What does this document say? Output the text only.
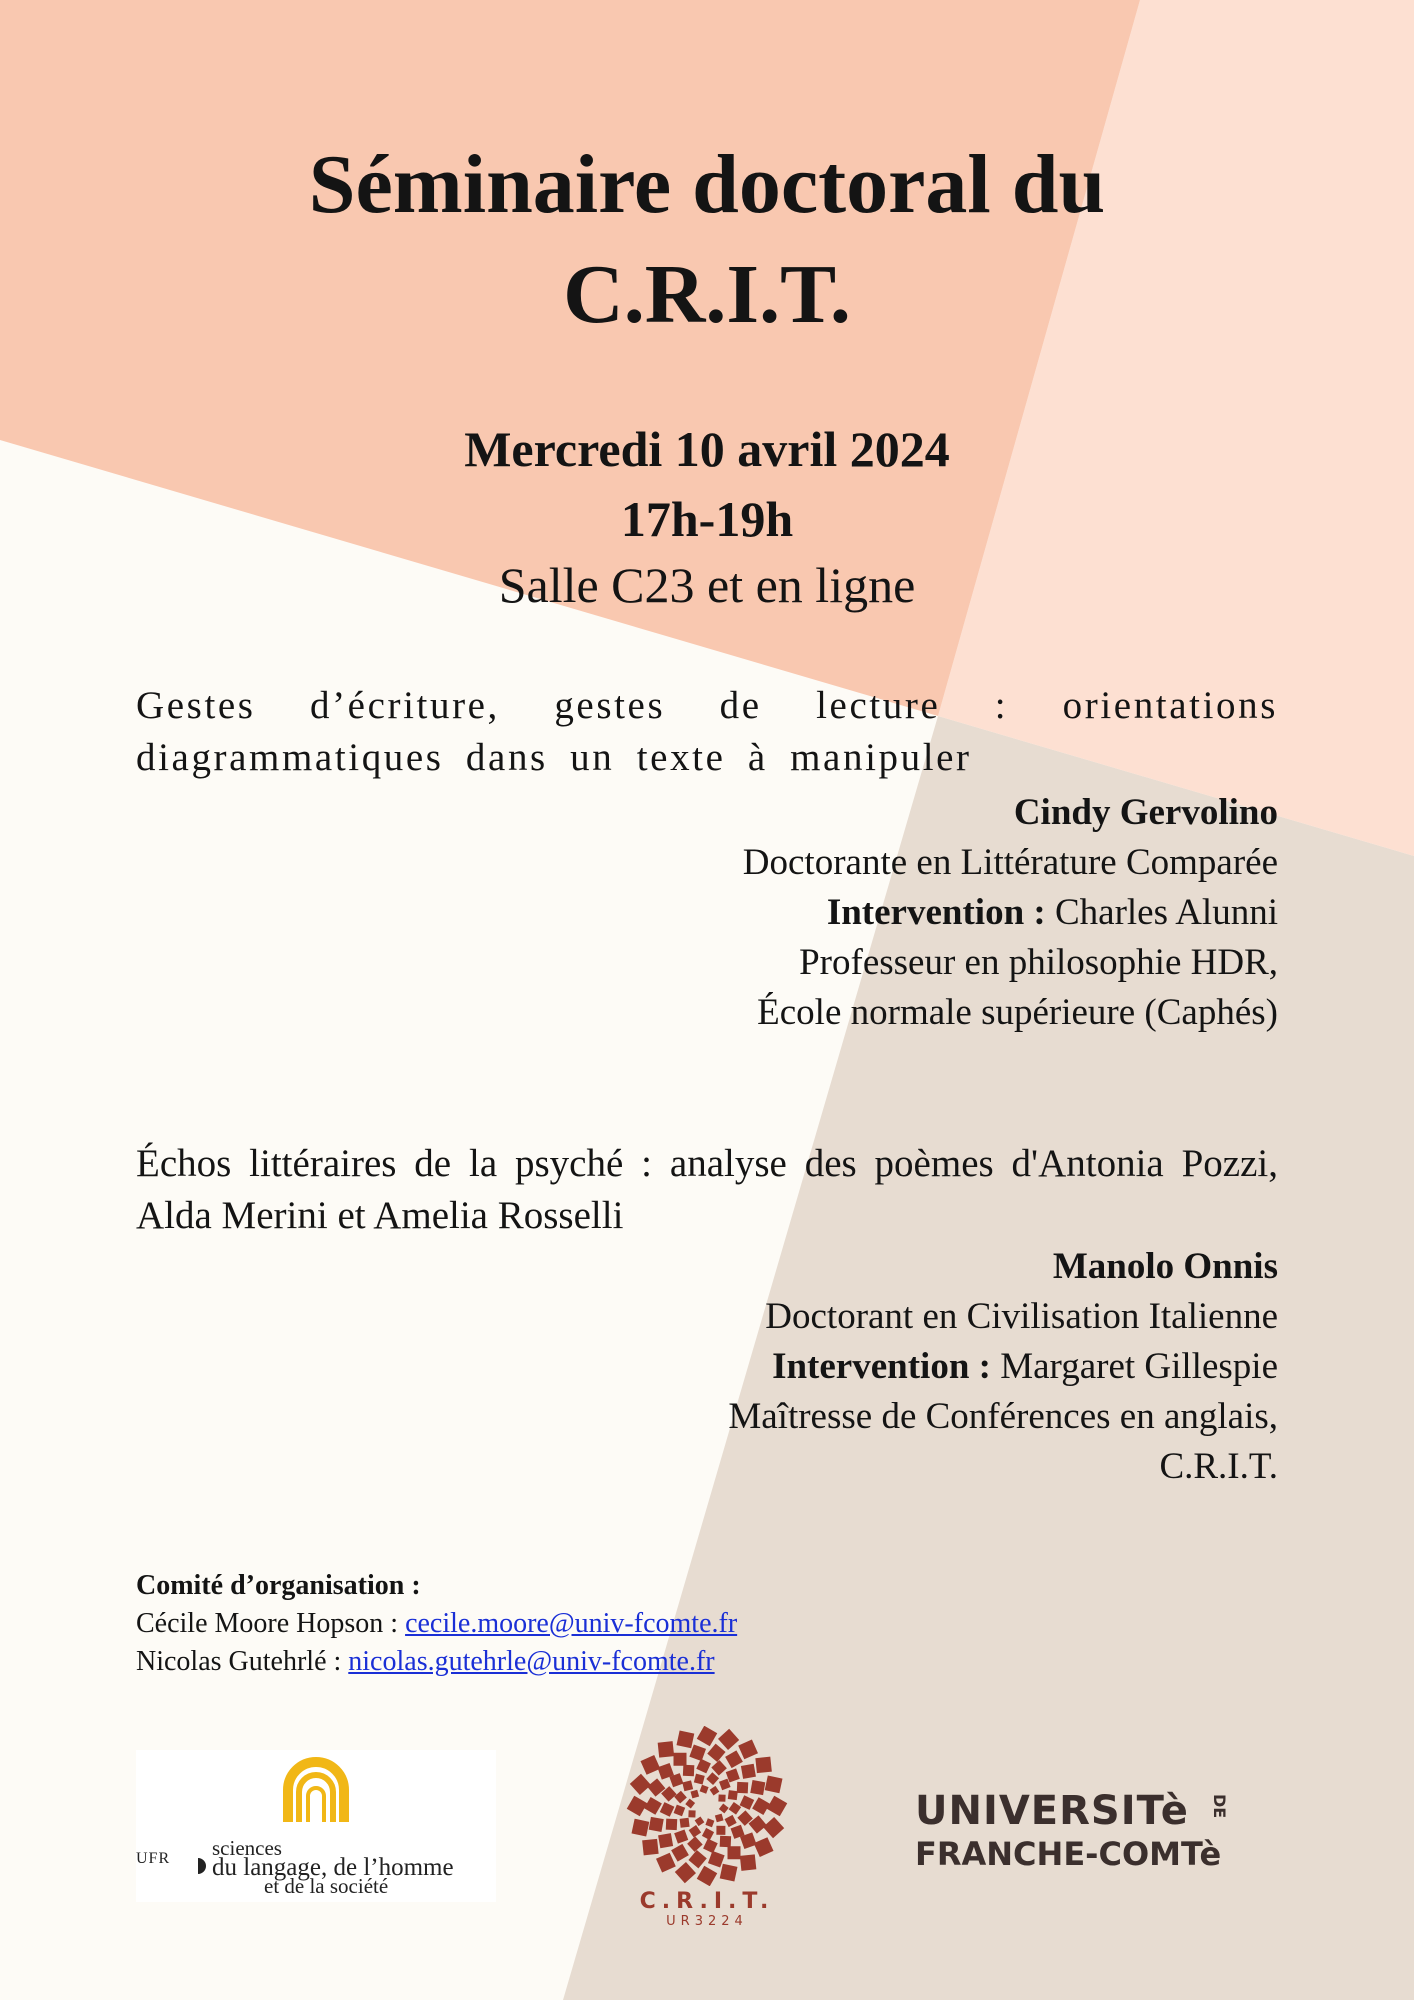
Séminaire doctoral du
C.R.I.T.
Mercredi 10 avril 2024
17h-19h
Salle C23 et en ligne
Gestes d’écriture, gestes de lecture : orientations diagrammatiques dans un texte à manipuler
Cindy Gervolino
Doctorante en Littérature Comparée
Intervention : Charles Alunni
Professeur en philosophie HDR,
École normale supérieure (Caphés)
Échos littéraires de la psyché : analyse des poèmes d'Antonia Pozzi, Alda Merini et Amelia Rosselli
Manolo Onnis
Doctorant en Civilisation Italienne
Intervention : Margaret Gillespie
Maîtresse de Conférences en anglais,
C.R.I.T.
Comité d’organisation :
Cécile Moore Hopson : cecile.moore@univ-fcomte.fr
Nicolas Gutehrlé : nicolas.gutehrle@univ-fcomte.fr
UFR sciences
du langage, de l’homme
et de la société
C.R.I.T.
UR3224
UNIVERSITè	DE
FRANCHE-COMTè
